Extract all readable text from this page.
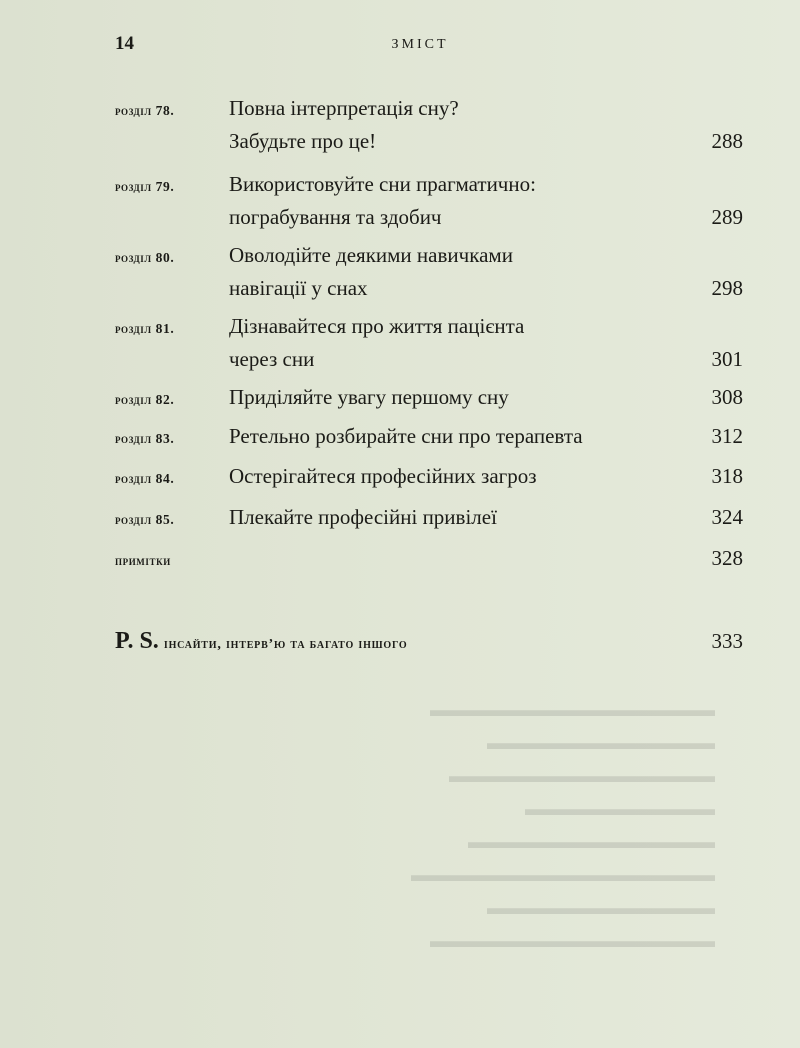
14	ЗМІСТ
розділ 78.	Повна інтерпретація сну?
Забудьте про це!	288
розділ 79.	Використовуйте сни прагматично:
пограбування та здобич	289
розділ 80.	Оволодійте деякими навичками
навігації у снах	298
розділ 81.	Дізнавайтеся про життя пацієнта
через сни	301
розділ 82.	Приділяйте увагу першому сну	308
розділ 83.	Ретельно розбирайте сни про терапевта	312
розділ 84.	Остерігайтеся професійних загроз	318
розділ 85.	Плекайте професійні привілеї	324
примітки	328
P. S. інсайти, інтерв’ю та багато іншого	333
▬▬▬▬▬▬▬▬▬▬▬▬▬▬▬
▬▬▬▬▬▬▬▬▬▬▬▬
▬▬▬▬▬▬▬▬▬▬▬▬▬▬
▬▬▬▬▬▬▬▬▬▬
▬▬▬▬▬▬▬▬▬▬▬▬▬
▬▬▬▬▬▬▬▬▬▬▬▬▬▬▬▬
▬▬▬▬▬▬▬▬▬▬▬▬
▬▬▬▬▬▬▬▬▬▬▬▬▬▬▬
